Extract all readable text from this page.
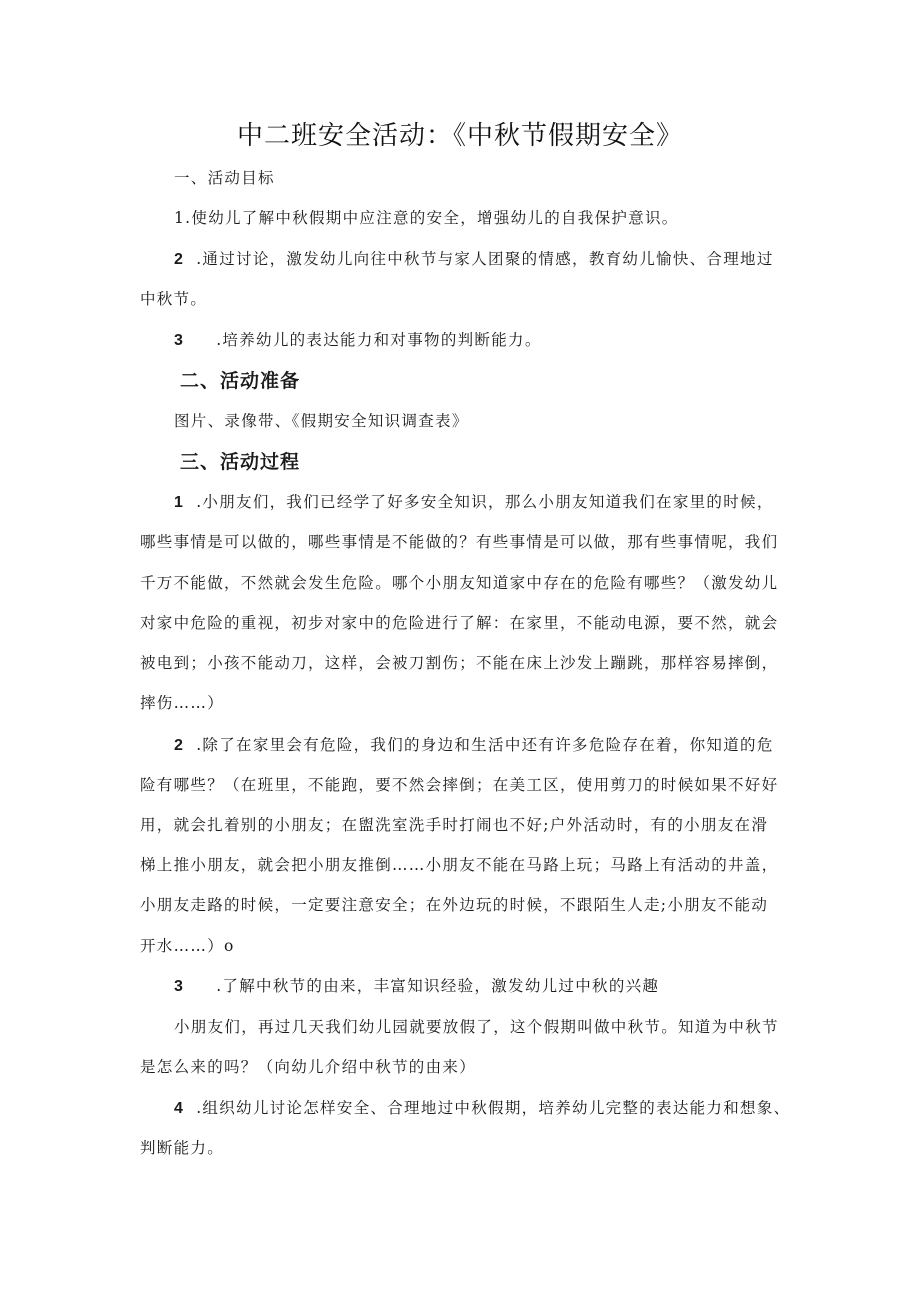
中二班安全活动：《中秋节假期安全》
一、活动目标
1.使幼儿了解中秋假期中应注意的安全，增强幼儿的自我保护意识。
2 .通过讨论，激发幼儿向往中秋节与家人团聚的情感，教育幼儿愉快、合理地过
中秋节。
3 .培养幼儿的表达能力和对事物的判断能力。
二、活动准备
图片、录像带、《假期安全知识调查表》
三、活动过程
1 .小朋友们，我们已经学了好多安全知识，那么小朋友知道我们在家里的时候，
哪些事情是可以做的，哪些事情是不能做的？有些事情是可以做，那有些事情呢，我们
千万不能做，不然就会发生危险。哪个小朋友知道家中存在的危险有哪些？（激发幼儿
对家中危险的重视，初步对家中的危险进行了解：在家里，不能动电源，要不然，就会
被电到；小孩不能动刀，这样，会被刀割伤；不能在床上沙发上蹦跳，那样容易摔倒，
摔伤……）
2 .除了在家里会有危险，我们的身边和生活中还有许多危险存在着，你知道的危
险有哪些？（在班里，不能跑，要不然会摔倒；在美工区，使用剪刀的时候如果不好好
用，就会扎着别的小朋友；在盥洗室洗手时打闹也不好;户外活动时，有的小朋友在滑
梯上推小朋友，就会把小朋友推倒……小朋友不能在马路上玩；马路上有活动的井盖，
小朋友走路的时候，一定要注意安全；在外边玩的时候，不跟陌生人走;小朋友不能动
开水……）o
3 .了解中秋节的由来，丰富知识经验，激发幼儿过中秋的兴趣
小朋友们，再过几天我们幼儿园就要放假了，这个假期叫做中秋节。知道为中秋节
是怎么来的吗？（向幼儿介绍中秋节的由来）
4 .组织幼儿讨论怎样安全、合理地过中秋假期，培养幼儿完整的表达能力和想象、
判断能力。
